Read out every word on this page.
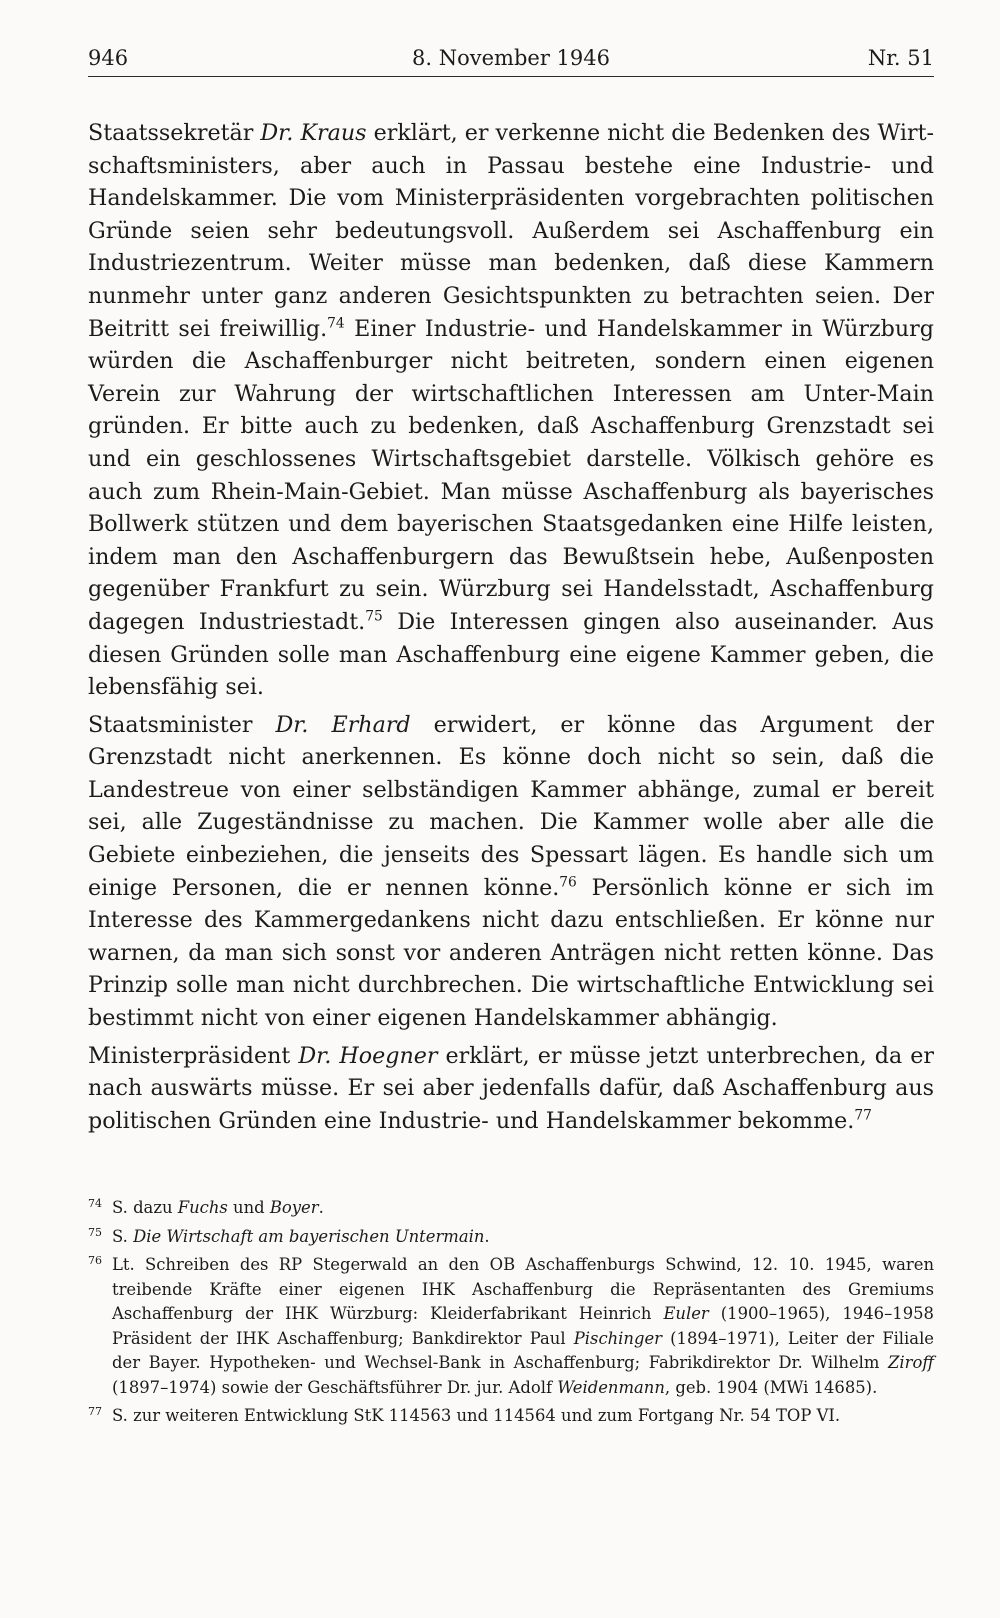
946	8. November 1946	Nr. 51

Staatssekretär Dr. Kraus erklärt, er verkenne nicht die Bedenken des Wirtschaftsministers, aber auch in Passau bestehe eine Industrie- und Handelskammer. Die vom Ministerpräsidenten vorgebrachten politischen Gründe seien sehr bedeutungsvoll. Außerdem sei Aschaffenburg ein Industriezentrum. Weiter müsse man bedenken, daß diese Kammern nunmehr unter ganz anderen Gesichtspunkten zu betrachten seien. Der Beitritt sei freiwillig.$^{74}$ Einer Industrie- und Handelskammer in Würzburg würden die Aschaffenburger nicht beitreten, sondern einen eigenen Verein zur Wahrung der wirtschaftlichen Interessen am Unter-Main gründen. Er bitte auch zu bedenken, daß Aschaffenburg Grenzstadt sei und ein geschlossenes Wirtschaftsgebiet darstelle. Völkisch gehöre es auch zum Rhein-Main-Gebiet. Man müsse Aschaffenburg als bayerisches Bollwerk stützen und dem bayerischen Staatsgedanken eine Hilfe leisten, indem man den Aschaffenburgern das Bewußtsein hebe, Außenposten gegenüber Frankfurt zu sein. Würzburg sei Handelsstadt, Aschaffenburg dagegen Industriestadt.$^{75}$ Die Interessen gingen also auseinander. Aus diesen Gründen solle man Aschaffenburg eine eigene Kammer geben, die lebensfähig sei.

Staatsminister Dr. Erhard erwidert, er könne das Argument der Grenzstadt nicht anerkennen. Es könne doch nicht so sein, daß die Landestreue von einer selbständigen Kammer abhänge, zumal er bereit sei, alle Zugeständnisse zu machen. Die Kammer wolle aber alle die Gebiete einbeziehen, die jenseits des Spessart lägen. Es handle sich um einige Personen, die er nennen könne.$^{76}$ Persönlich könne er sich im Interesse des Kammergedankens nicht dazu entschließen. Er könne nur warnen, da man sich sonst vor anderen Anträgen nicht retten könne. Das Prinzip solle man nicht durchbrechen. Die wirtschaftliche Entwicklung sei bestimmt nicht von einer eigenen Handelskammer abhängig.

Ministerpräsident Dr. Hoegner erklärt, er müsse jetzt unterbrechen, da er nach auswärts müsse. Er sei aber jedenfalls dafür, daß Aschaffenburg aus politischen Gründen eine Industrie- und Handelskammer bekomme.$^{77}$

74 S. dazu Fuchs und Boyer.
75 S. Die Wirtschaft am bayerischen Untermain.
76 Lt. Schreiben des RP Stegerwald an den OB Aschaffenburgs Schwind, 12. 10. 1945, waren treibende Kräfte einer eigenen IHK Aschaffenburg die Repräsentanten des Gremiums Aschaffenburg der IHK Würzburg: Kleiderfabrikant Heinrich Euler (1900–1965), 1946–1958 Präsident der IHK Aschaffenburg; Bankdirektor Paul Pischinger (1894–1971), Leiter der Filiale der Bayer. Hypotheken- und Wechsel-Bank in Aschaffenburg; Fabrikdirektor Dr. Wilhelm Ziroff (1897–1974) sowie der Geschäftsführer Dr. jur. Adolf Weidenmann, geb. 1904 (MWi 14685).
77 S. zur weiteren Entwicklung StK 114563 und 114564 und zum Fortgang Nr. 54 TOP VI.
